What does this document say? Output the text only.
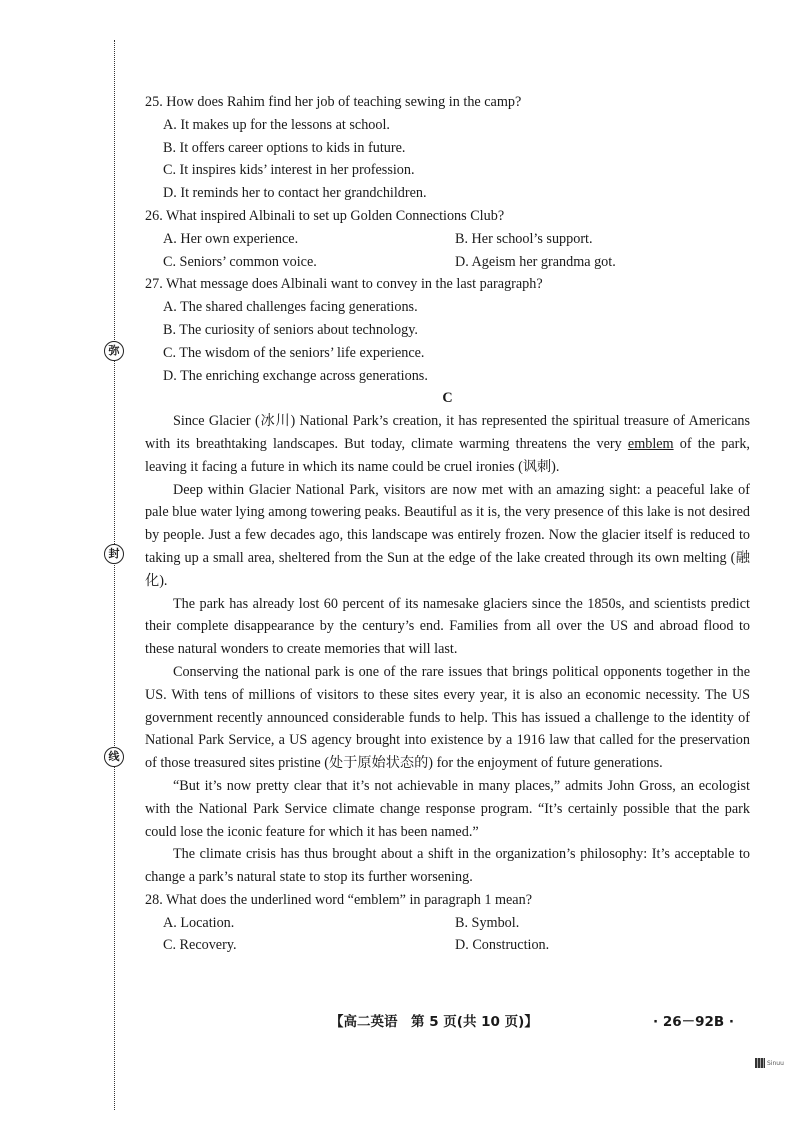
弥
封
线
25. How does Rahim find her job of teaching sewing in the camp?
A. It makes up for the lessons at school.
B. It offers career options to kids in future.
C. It inspires kids’ interest in her profession.
D. It reminds her to contact her grandchildren.
26. What inspired Albinali to set up Golden Connections Club?
A. Her own experience.	B. Her school’s support.
C. Seniors’ common voice.	D. Ageism her grandma got.
27. What message does Albinali want to convey in the last paragraph?
A. The shared challenges facing generations.
B. The curiosity of seniors about technology.
C. The wisdom of the seniors’ life experience.
D. The enriching exchange across generations.
C
Since Glacier (冰川) National Park’s creation, it has represented the spiritual treasure of Americans with its breathtaking landscapes. But today, climate warming threatens the very emblem of the park, leaving it facing a future in which its name could be cruel ironies (讽刺).
Deep within Glacier National Park, visitors are now met with an amazing sight: a peaceful lake of pale blue water lying among towering peaks. Beautiful as it is, the very presence of this lake is not desired by people. Just a few decades ago, this landscape was entirely frozen. Now the glacier itself is reduced to taking up a small area, sheltered from the Sun at the edge of the lake created through its own melting (融化).
The park has already lost 60 percent of its namesake glaciers since the 1850s, and scientists predict their complete disappearance by the century’s end. Families from all over the US and abroad flood to these natural wonders to create memories that will last.
Conserving the national park is one of the rare issues that brings political opponents together in the US. With tens of millions of visitors to these sites every year, it is also an economic necessity. The US government recently announced considerable funds to help. This has issued a challenge to the identity of National Park Service, a US agency brought into existence by a 1916 law that called for the preservation of those treasured sites pristine (处于原始状态的) for the enjoyment of future generations.
“But it’s now pretty clear that it’s not achievable in many places,” admits John Gross, an ecologist with the National Park Service climate change response program. “It’s certainly possible that the park could lose the iconic feature for which it has been named.”
The climate crisis has thus brought about a shift in the organization’s philosophy: It’s acceptable to change a park’s natural state to stop its further worsening.
28. What does the underlined word “emblem” in paragraph 1 mean?
A. Location.	B. Symbol.
C. Recovery.	D. Construction.
【高二英语　第 5 页(共 10 页)】	· 26－92B ·
Sinuu
